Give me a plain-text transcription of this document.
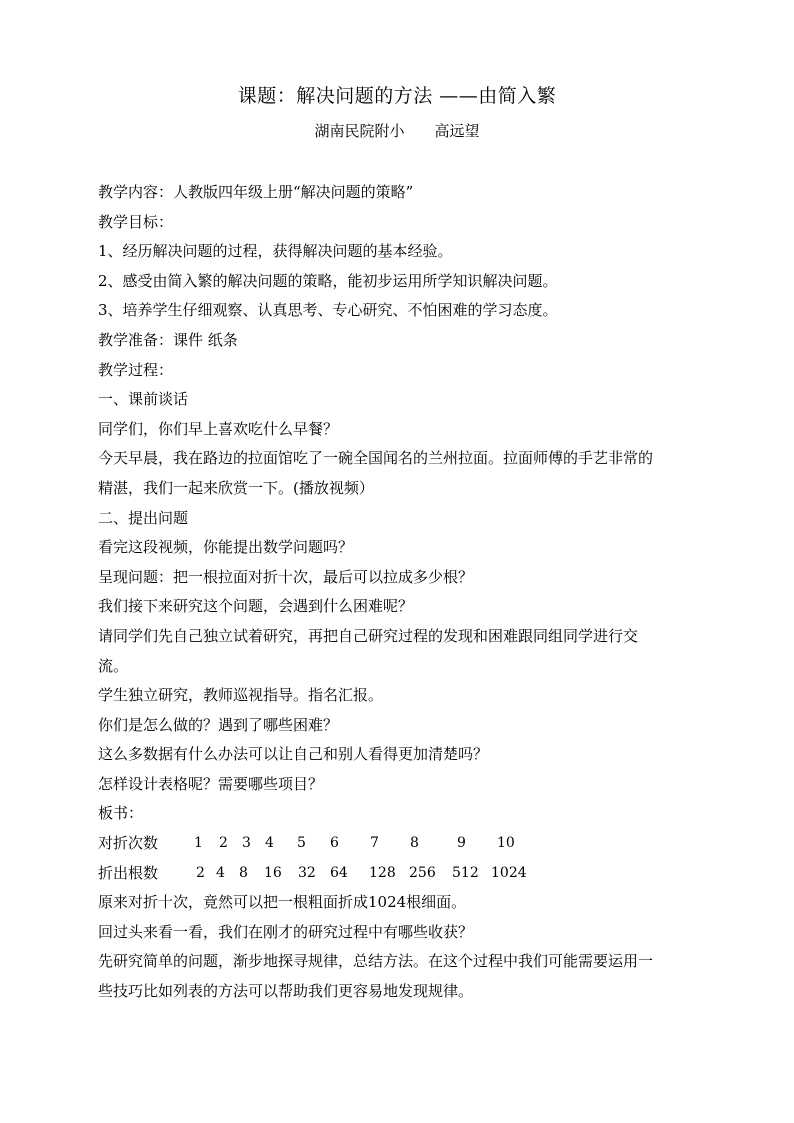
课题：解决问题的方法 ——由简入繁
湖南民院附小 高远望
教学内容：人教版四年级上册“解决问题的策略”
教学目标：
1、经历解决问题的过程，获得解决问题的基本经验。
2、感受由简入繁的解决问题的策略，能初步运用所学知识解决问题。
3、培养学生仔细观察、认真思考、专心研究、不怕困难的学习态度。
教学准备：课件 纸条
教学过程：
一、课前谈话
同学们，你们早上喜欢吃什么早餐？
今天早晨，我在路边的拉面馆吃了一碗全国闻名的兰州拉面。拉面师傅的手艺非常的
精湛，我们一起来欣赏一下。(播放视频）
二、提出问题
看完这段视频，你能提出数学问题吗？
呈现问题：把一根拉面对折十次，最后可以拉成多少根？
我们接下来研究这个问题，会遇到什么困难呢？
请同学们先自己独立试着研究，再把自己研究过程的发现和困难跟同组同学进行交
流。
学生独立研究，教师巡视指导。指名汇报。
你们是怎么做的？遇到了哪些困难？
这么多数据有什么办法可以让自己和别人看得更加清楚吗？
怎样设计表格呢？需要哪些项目？
板书：
对折次数	1 2 3 4 5 6 7 8	9 10
折出根数	2 4 8 16 32 64 128 256 512 1024
原来对折十次，竟然可以把一根粗面折成1024根细面。
回过头来看一看，我们在刚才的研究过程中有哪些收获？
先研究简单的问题，渐步地探寻规律，总结方法。在这个过程中我们可能需要运用一
些技巧比如列表的方法可以帮助我们更容易地发现规律。
